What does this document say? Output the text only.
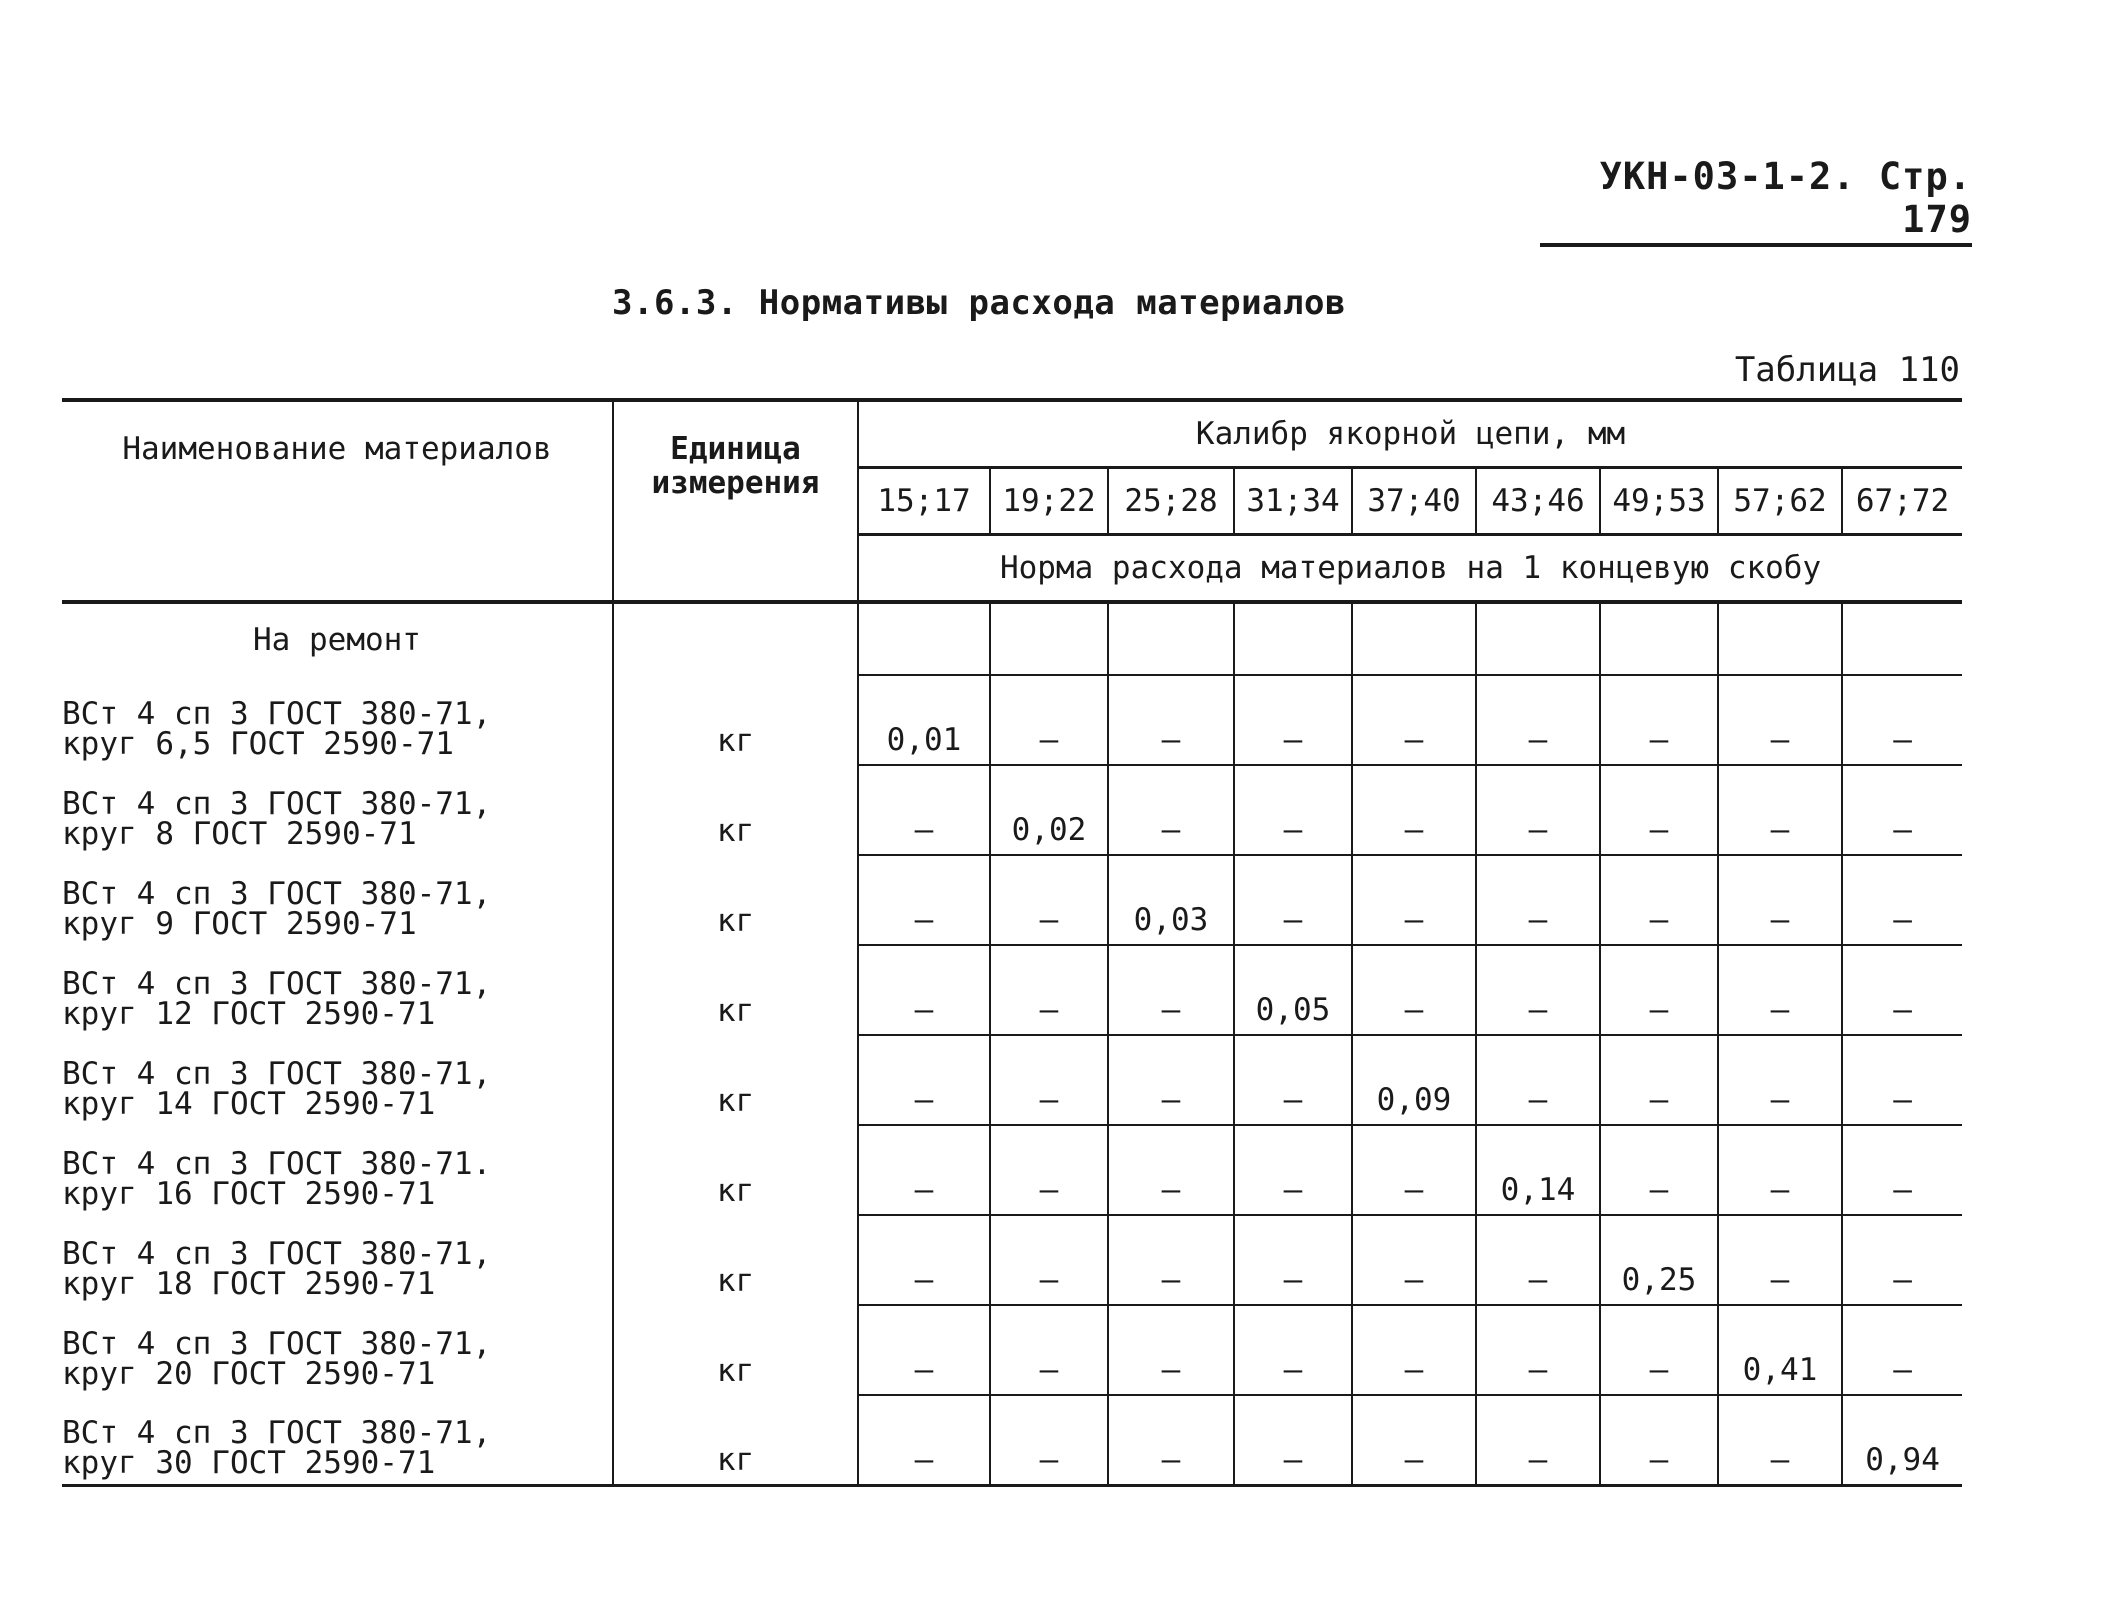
УКН-03-1-2. Стр. 179
3.6.3. Нормативы расхода материалов
Таблица 110
Наименование материалов	Единица измерения	Калибр якорной цепи, мм								
		15;17	19;22	25;28	31;34	37;40	43;46	49;53	57;62	67;72
		Норма расхода материалов на 1 концевую скобу								
На ремонт										

ВСт 4 сп 3 ГОСТ 380-71,
круг 6,5 ГОСТ 2590-71	кг	0,01	–	–	–	–	–	–	–	–

ВСт 4 сп 3 ГОСТ 380-71,
круг 8 ГОСТ 2590-71	кг	–	0,02	–	–	–	–	–	–	–

ВСт 4 сп 3 ГОСТ 380-71,
круг 9 ГОСТ 2590-71	кг	–	–	0,03	–	–	–	–	–	–

ВСт 4 сп 3 ГОСТ 380-71,
круг 12 ГОСТ 2590-71	кг	–	–	–	0,05	–	–	–	–	–

ВСт 4 сп 3 ГОСТ 380-71,
круг 14 ГОСТ 2590-71	кг	–	–	–	–	0,09	–	–	–	–

ВСт 4 сп 3 ГОСТ 380-71.
круг 16 ГОСТ 2590-71	кг	–	–	–	–	–	0,14	–	–	–

ВСт 4 сп 3 ГОСТ 380-71,
круг 18 ГОСТ 2590-71	кг	–	–	–	–	–	–	0,25	–	–

ВСт 4 сп 3 ГОСТ 380-71,
круг 20 ГОСТ 2590-71	кг	–	–	–	–	–	–	–	0,41	–

ВСт 4 сп 3 ГОСТ 380-71,
круг 30 ГОСТ 2590-71	кг	–	–	–	–	–	–	–	–	0,94
